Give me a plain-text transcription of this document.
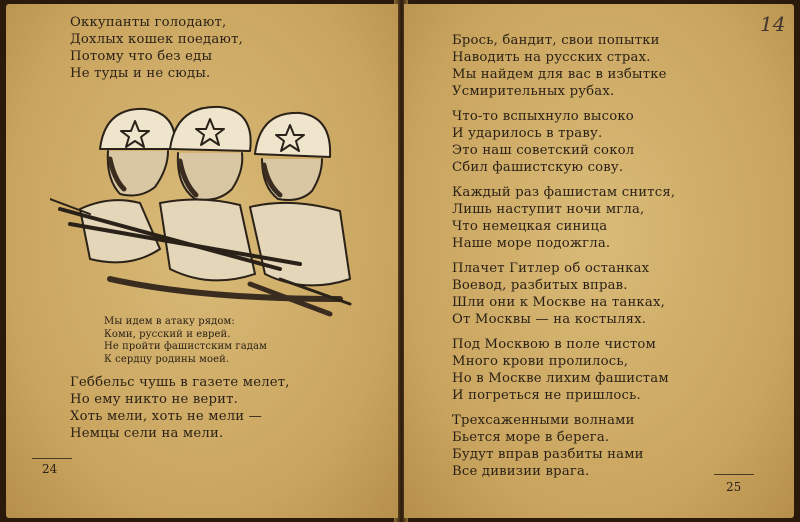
Оккупанты голодают,
Дохлых кошек поедают,
Потому что без еды
Не туды и не сюды.
Мы идем в атаку рядом:
Коми, русский и еврей.
Не пройти фашистским гадам
К сердцу родины моей.
Геббельс чушь в газете мелет,
Но ему никто не верит.
Хоть мели, хоть не мели —
Немцы сели на мели.
24
Брось, бандит, свои попытки
Наводить на русских страх.
Мы найдем для вас в избытке
Усмирительных рубах.
Что-то вспыхнуло высоко
И ударилось в траву.
Это наш советский сокол
Сбил фашистскую сову.
Каждый раз фашистам снится,
Лишь наступит ночи мгла,
Что немецкая синица
Наше море подожгла.
Плачет Гитлер об останках
Воевод, разбитых вправ.
Шли они к Москве на танках,
От Москвы — на костылях.
Под Москвою в поле чистом
Много крови пролилось,
Но в Москве лихим фашистам
И погреться не пришлось.
Трехсаженными волнами
Бьется море в берега.
Будут вправ разбиты нами
Все дивизии врага.
25
14
